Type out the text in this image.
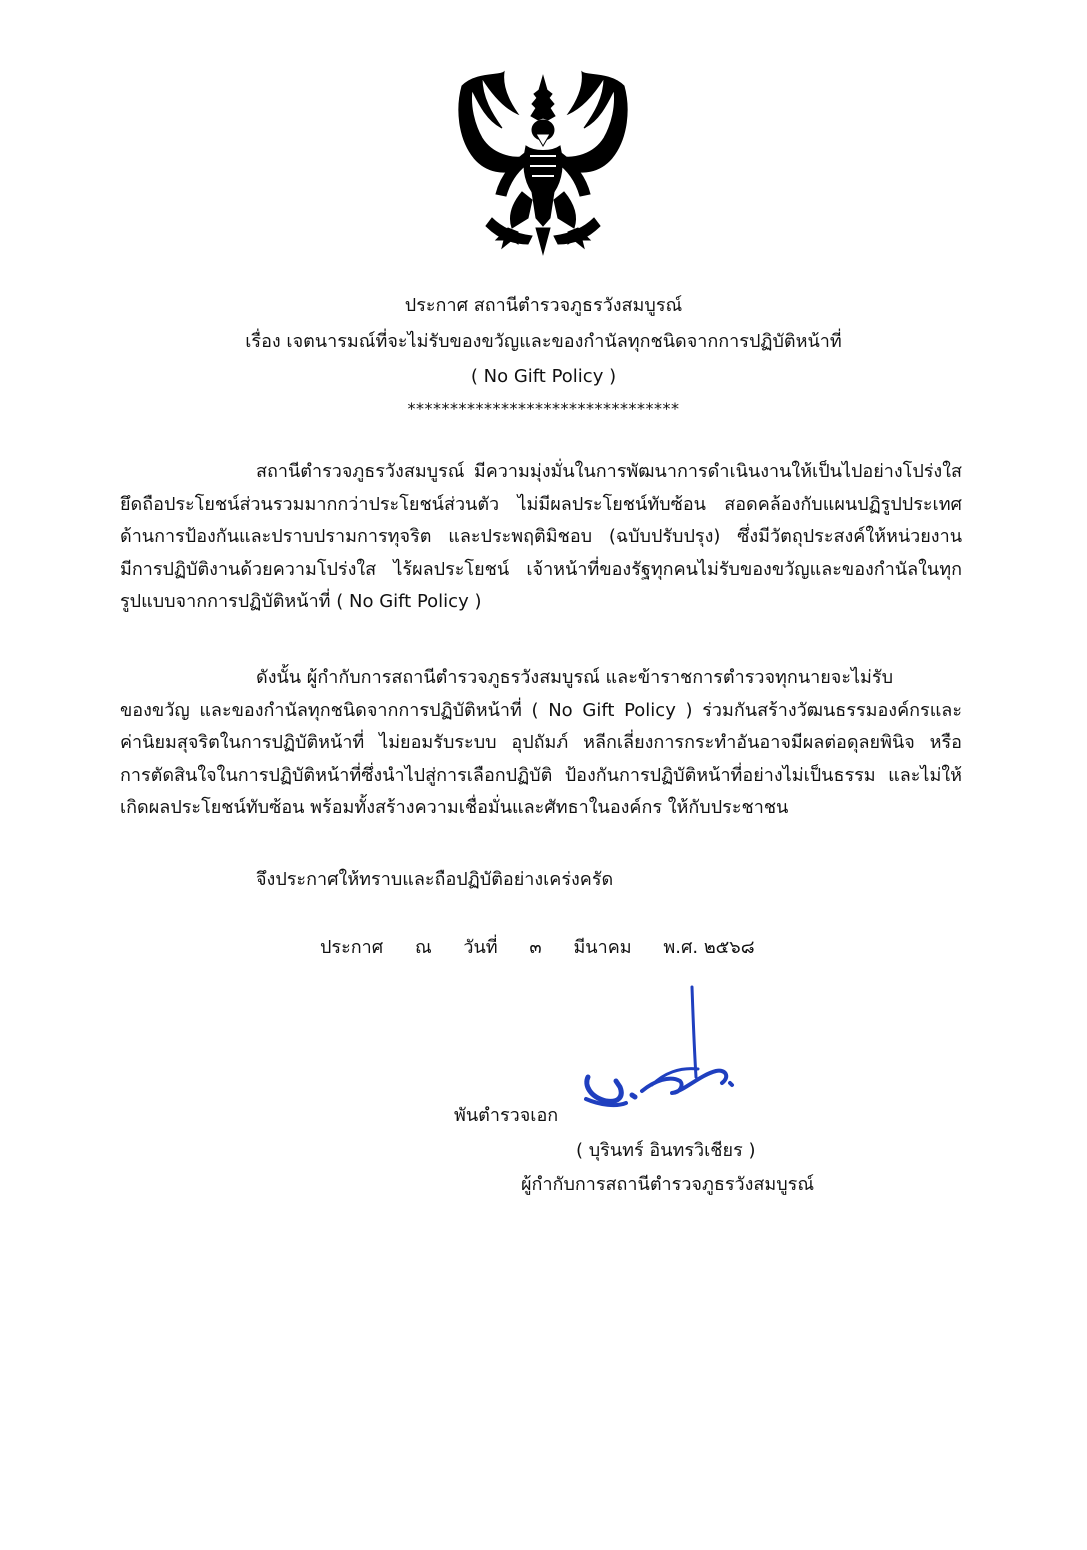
ประกาศ สถานีตำรวจภูธรวังสมบูรณ์
เรื่อง เจตนารมณ์ที่จะไม่รับของขวัญและของกำนัลทุกชนิดจากการปฏิบัติหน้าที่
( No Gift Policy )
********************************
สถานีตำรวจภูธรวังสมบูรณ์ มีความมุ่งมั่นในการพัฒนาการดำเนินงานให้เป็นไปอย่างโปร่งใส
ยึดถือประโยชน์ส่วนรวมมากกว่าประโยชน์ส่วนตัว ไม่มีผลประโยชน์ทับซ้อน สอดคล้องกับแผนปฏิรูปประเทศ
ด้านการป้องกันและปราบปรามการทุจริต และประพฤติมิชอบ (ฉบับปรับปรุง) ซึ่งมีวัตถุประสงค์ให้หน่วยงาน
มีการปฏิบัติงานด้วยความโปร่งใส ไร้ผลประโยชน์ เจ้าหน้าที่ของรัฐทุกคนไม่รับของขวัญและของกำนัลในทุก
รูปแบบจากการปฏิบัติหน้าที่ ( No Gift Policy )
ดังนั้น ผู้กำกับการสถานีตำรวจภูธรวังสมบูรณ์ และข้าราชการตำรวจทุกนายจะไม่รับ
ของขวัญ และของกำนัลทุกชนิดจากการปฏิบัติหน้าที่ ( No Gift Policy ) ร่วมกันสร้างวัฒนธรรมองค์กรและ
ค่านิยมสุจริตในการปฏิบัติหน้าที่ ไม่ยอมรับระบบ อุปถัมภ์ หลีกเลี่ยงการกระทำอันอาจมีผลต่อดุลยพินิจ หรือ
การตัดสินใจในการปฏิบัติหน้าที่ซึ่งนำไปสู่การเลือกปฏิบัติ ป้องกันการปฏิบัติหน้าที่อย่างไม่เป็นธรรม และไม่ให้
เกิดผลประโยชน์ทับซ้อน พร้อมทั้งสร้างความเชื่อมั่นและศัทธาในองค์กร ให้กับประชาชน
จึงประกาศให้ทราบและถือปฏิบัติอย่างเคร่งครัด
ประกาศ ณ วันที่ ๓ มีนาคม พ.ศ. ๒๕๖๘
พันตำรวจเอก
( บุรินทร์ อินทรวิเชียร )
ผู้กำกับการสถานีตำรวจภูธรวังสมบูรณ์
